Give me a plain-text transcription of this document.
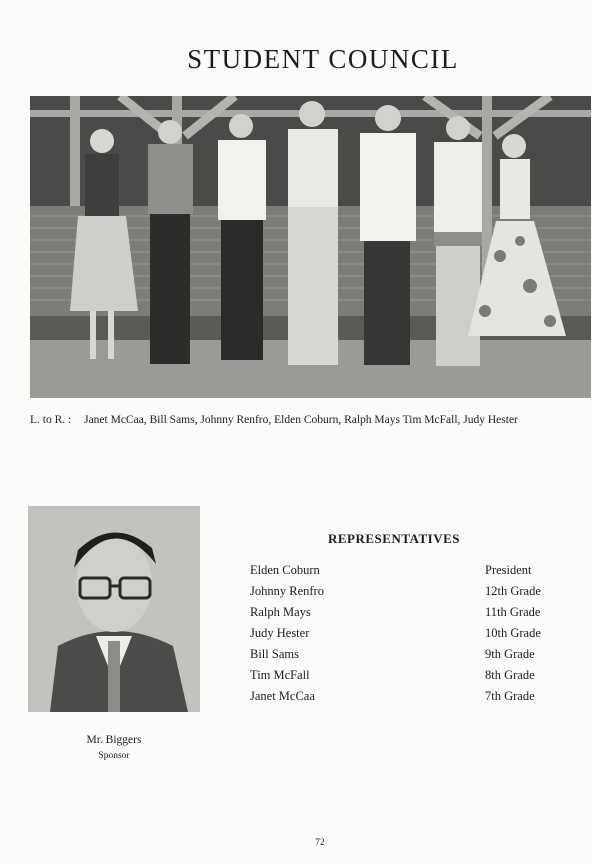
STUDENT COUNCIL
L. to R. : Janet McCaa, Bill Sams, Johnny Renfro, Elden Coburn, Ralph Mays Tim McFall, Judy Hester
Mr. Biggers
Sponsor
REPRESENTATIVES
Elden Coburn	President
Johnny Renfro	12th Grade
Ralph Mays	11th Grade
Judy Hester	10th Grade
Bill Sams	9th Grade
Tim McFall	8th Grade
Janet McCaa	7th Grade
72
